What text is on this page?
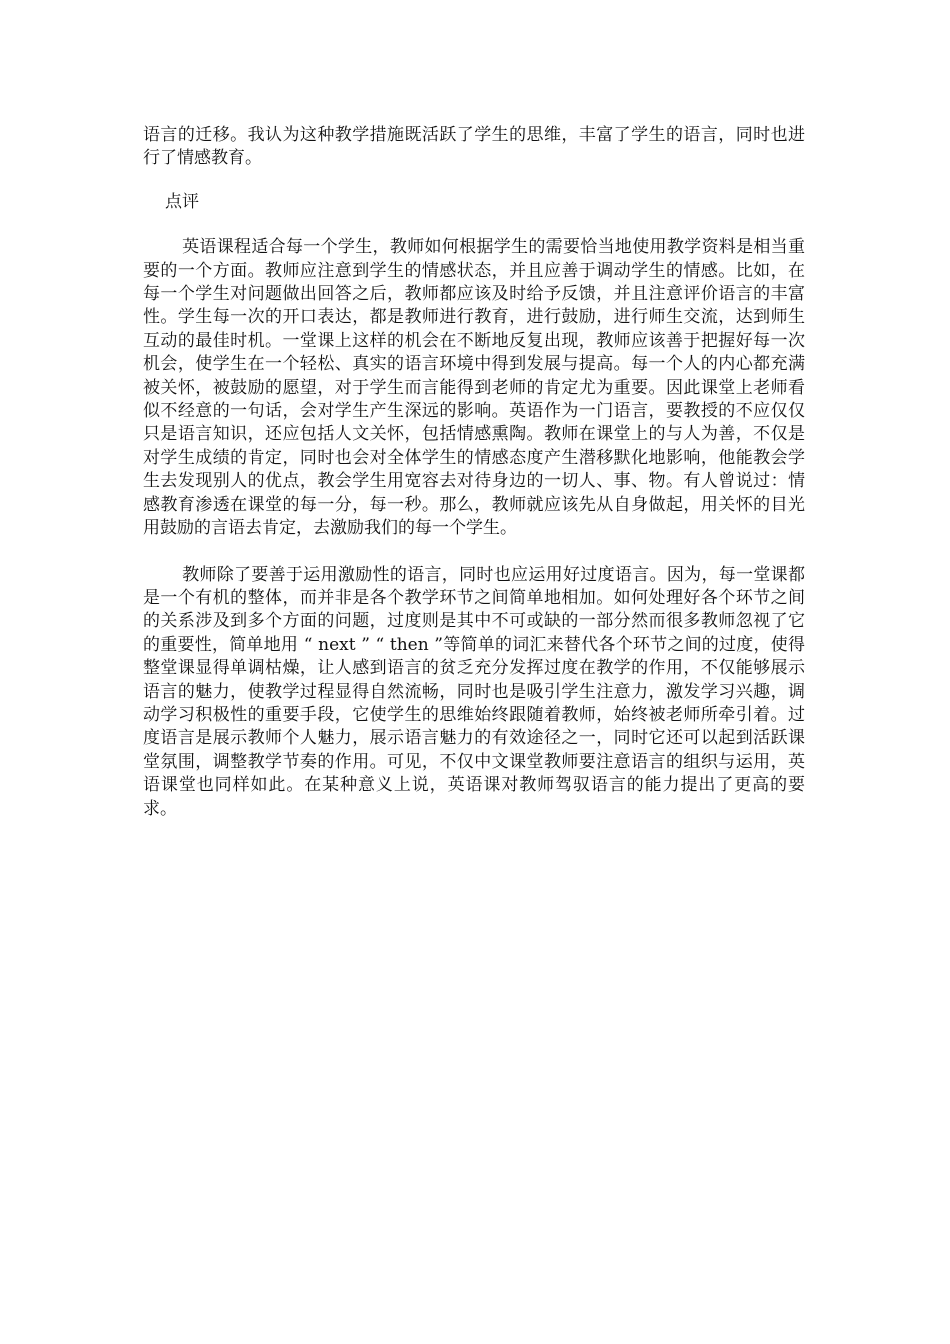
语言的迁移。我认为这种教学措施既活跃了学生的思维，丰富了学生的语言，同时也进行了情感教育。

点评

英语课程适合每一个学生，教师如何根据学生的需要恰当地使用教学资料是相当重要的一个方面。教师应注意到学生的情感状态，并且应善于调动学生的情感。比如，在每一个学生对问题做出回答之后，教师都应该及时给予反馈，并且注意评价语言的丰富性。学生每一次的开口表达，都是教师进行教育，进行鼓励，进行师生交流，达到师生互动的最佳时机。一堂课上这样的机会在不断地反复出现，教师应该善于把握好每一次机会，使学生在一个轻松、真实的语言环境中得到发展与提高。每一个人的内心都充满被关怀，被鼓励的愿望，对于学生而言能得到老师的肯定尤为重要。因此课堂上老师看似不经意的一句话，会对学生产生深远的影响。英语作为一门语言，要教授的不应仅仅只是语言知识，还应包括人文关怀，包括情感熏陶。教师在课堂上的与人为善，不仅是对学生成绩的肯定，同时也会对全体学生的情感态度产生潜移默化地影响，他能教会学生去发现别人的优点，教会学生用宽容去对待身边的一切人、事、物。有人曾说过：情感教育渗透在课堂的每一分，每一秒。那么，教师就应该先从自身做起，用关怀的目光用鼓励的言语去肯定，去激励我们的每一个学生。

教师除了要善于运用激励性的语言，同时也应运用好过度语言。因为，每一堂课都是一个有机的整体，而并非是各个教学环节之间简单地相加。如何处理好各个环节之间的关系涉及到多个方面的问题，过度则是其中不可或缺的一部分然而很多教师忽视了它的重要性，简单地用 “ next ” “ then ”等简单的词汇来替代各个环节之间的过度，使得整堂课显得单调枯燥，让人感到语言的贫乏充分发挥过度在教学的作用，不仅能够展示语言的魅力，使教学过程显得自然流畅，同时也是吸引学生注意力，激发学习兴趣，调动学习积极性的重要手段，它使学生的思维始终跟随着教师，始终被老师所牵引着。过度语言是展示教师个人魅力，展示语言魅力的有效途径之一，同时它还可以起到活跃课堂氛围，调整教学节奏的作用。可见，不仅中文课堂教师要注意语言的组织与运用，英语课堂也同样如此。在某种意义上说，英语课对教师驾驭语言的能力提出了更高的要求。
